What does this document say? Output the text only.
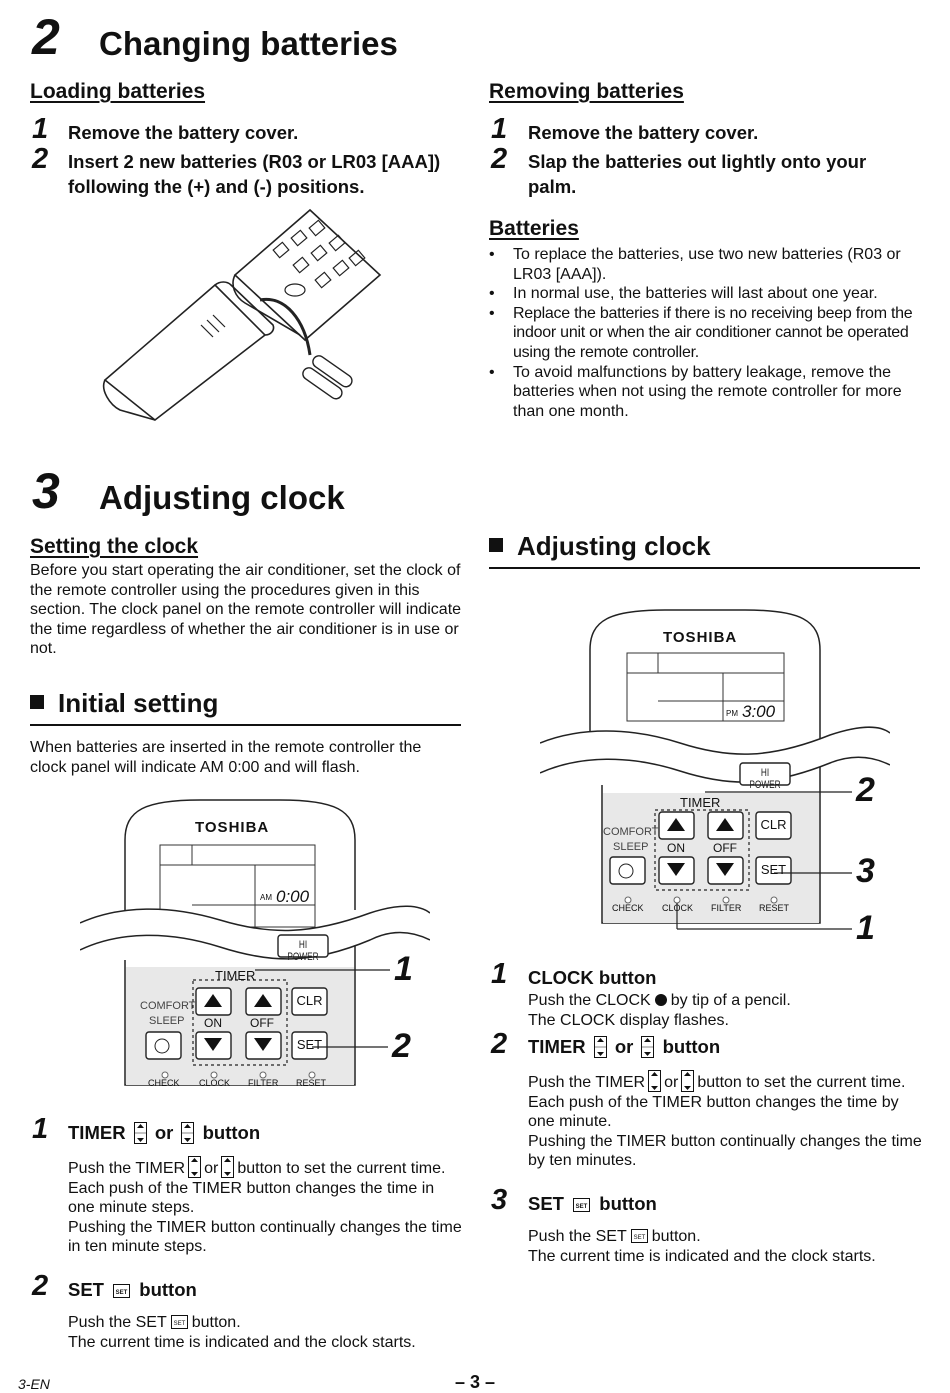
2 Changing batteries
Loading batteries
1 Remove the battery cover.
2 Insert 2 new batteries (R03 or LR03 [AAA]) following the (+) and (-) positions.
Removing batteries
1 Remove the battery cover.
2 Slap the batteries out lightly onto your palm.
Batteries
• To replace the batteries, use two new batteries (R03 or LR03 [AAA]).
• In normal use, the batteries will last about one year.
• Replace the batteries if there is no receiving beep from the indoor unit or when the air conditioner cannot be operated using the remote controller.
• To avoid malfunctions by battery leakage, remove the batteries when not using the remote controller for more than one month.
3 Adjusting clock
Setting the clock
Before you start operating the air conditioner, set the clock of the remote controller using the procedures given in this section. The clock panel on the remote controller will indicate the time regardless of whether the air conditioner is in use or not.
Initial setting
When batteries are inserted in the remote controller the clock panel will indicate AM 0:00 and will flash.
TOSHIBA
AM 0:00
HI POWER
TIMER
COMFORT
SLEEP ON OFF
CLR
SET
CHECK CLOCK FILTER RESET
1
2
1 TIMER or button
Push the TIMER or button to set the current time.
Each push of the TIMER button changes the time in one minute steps.
Pushing the TIMER button continually changes the time in ten minute steps.
2 SET SET button
Push the SET SET button.
The current time is indicated and the clock starts.
Adjusting clock
TOSHIBA
PM 3:00
HI POWER
TIMER
COMFORT
SLEEP ON OFF
CLR
SET
CHECK CLOCK FILTER RESET
2
3
1
1 CLOCK button
Push the CLOCK by tip of a pencil.
The CLOCK display flashes.
2 TIMER or button
Push the TIMER or button to set the current time.
Each push of the TIMER button changes the time by one minute.
Pushing the TIMER button continually changes the time by ten minutes.
3 SET SET button
Push the SET SET button.
The current time is indicated and the clock starts.
3-EN	– 3 –
